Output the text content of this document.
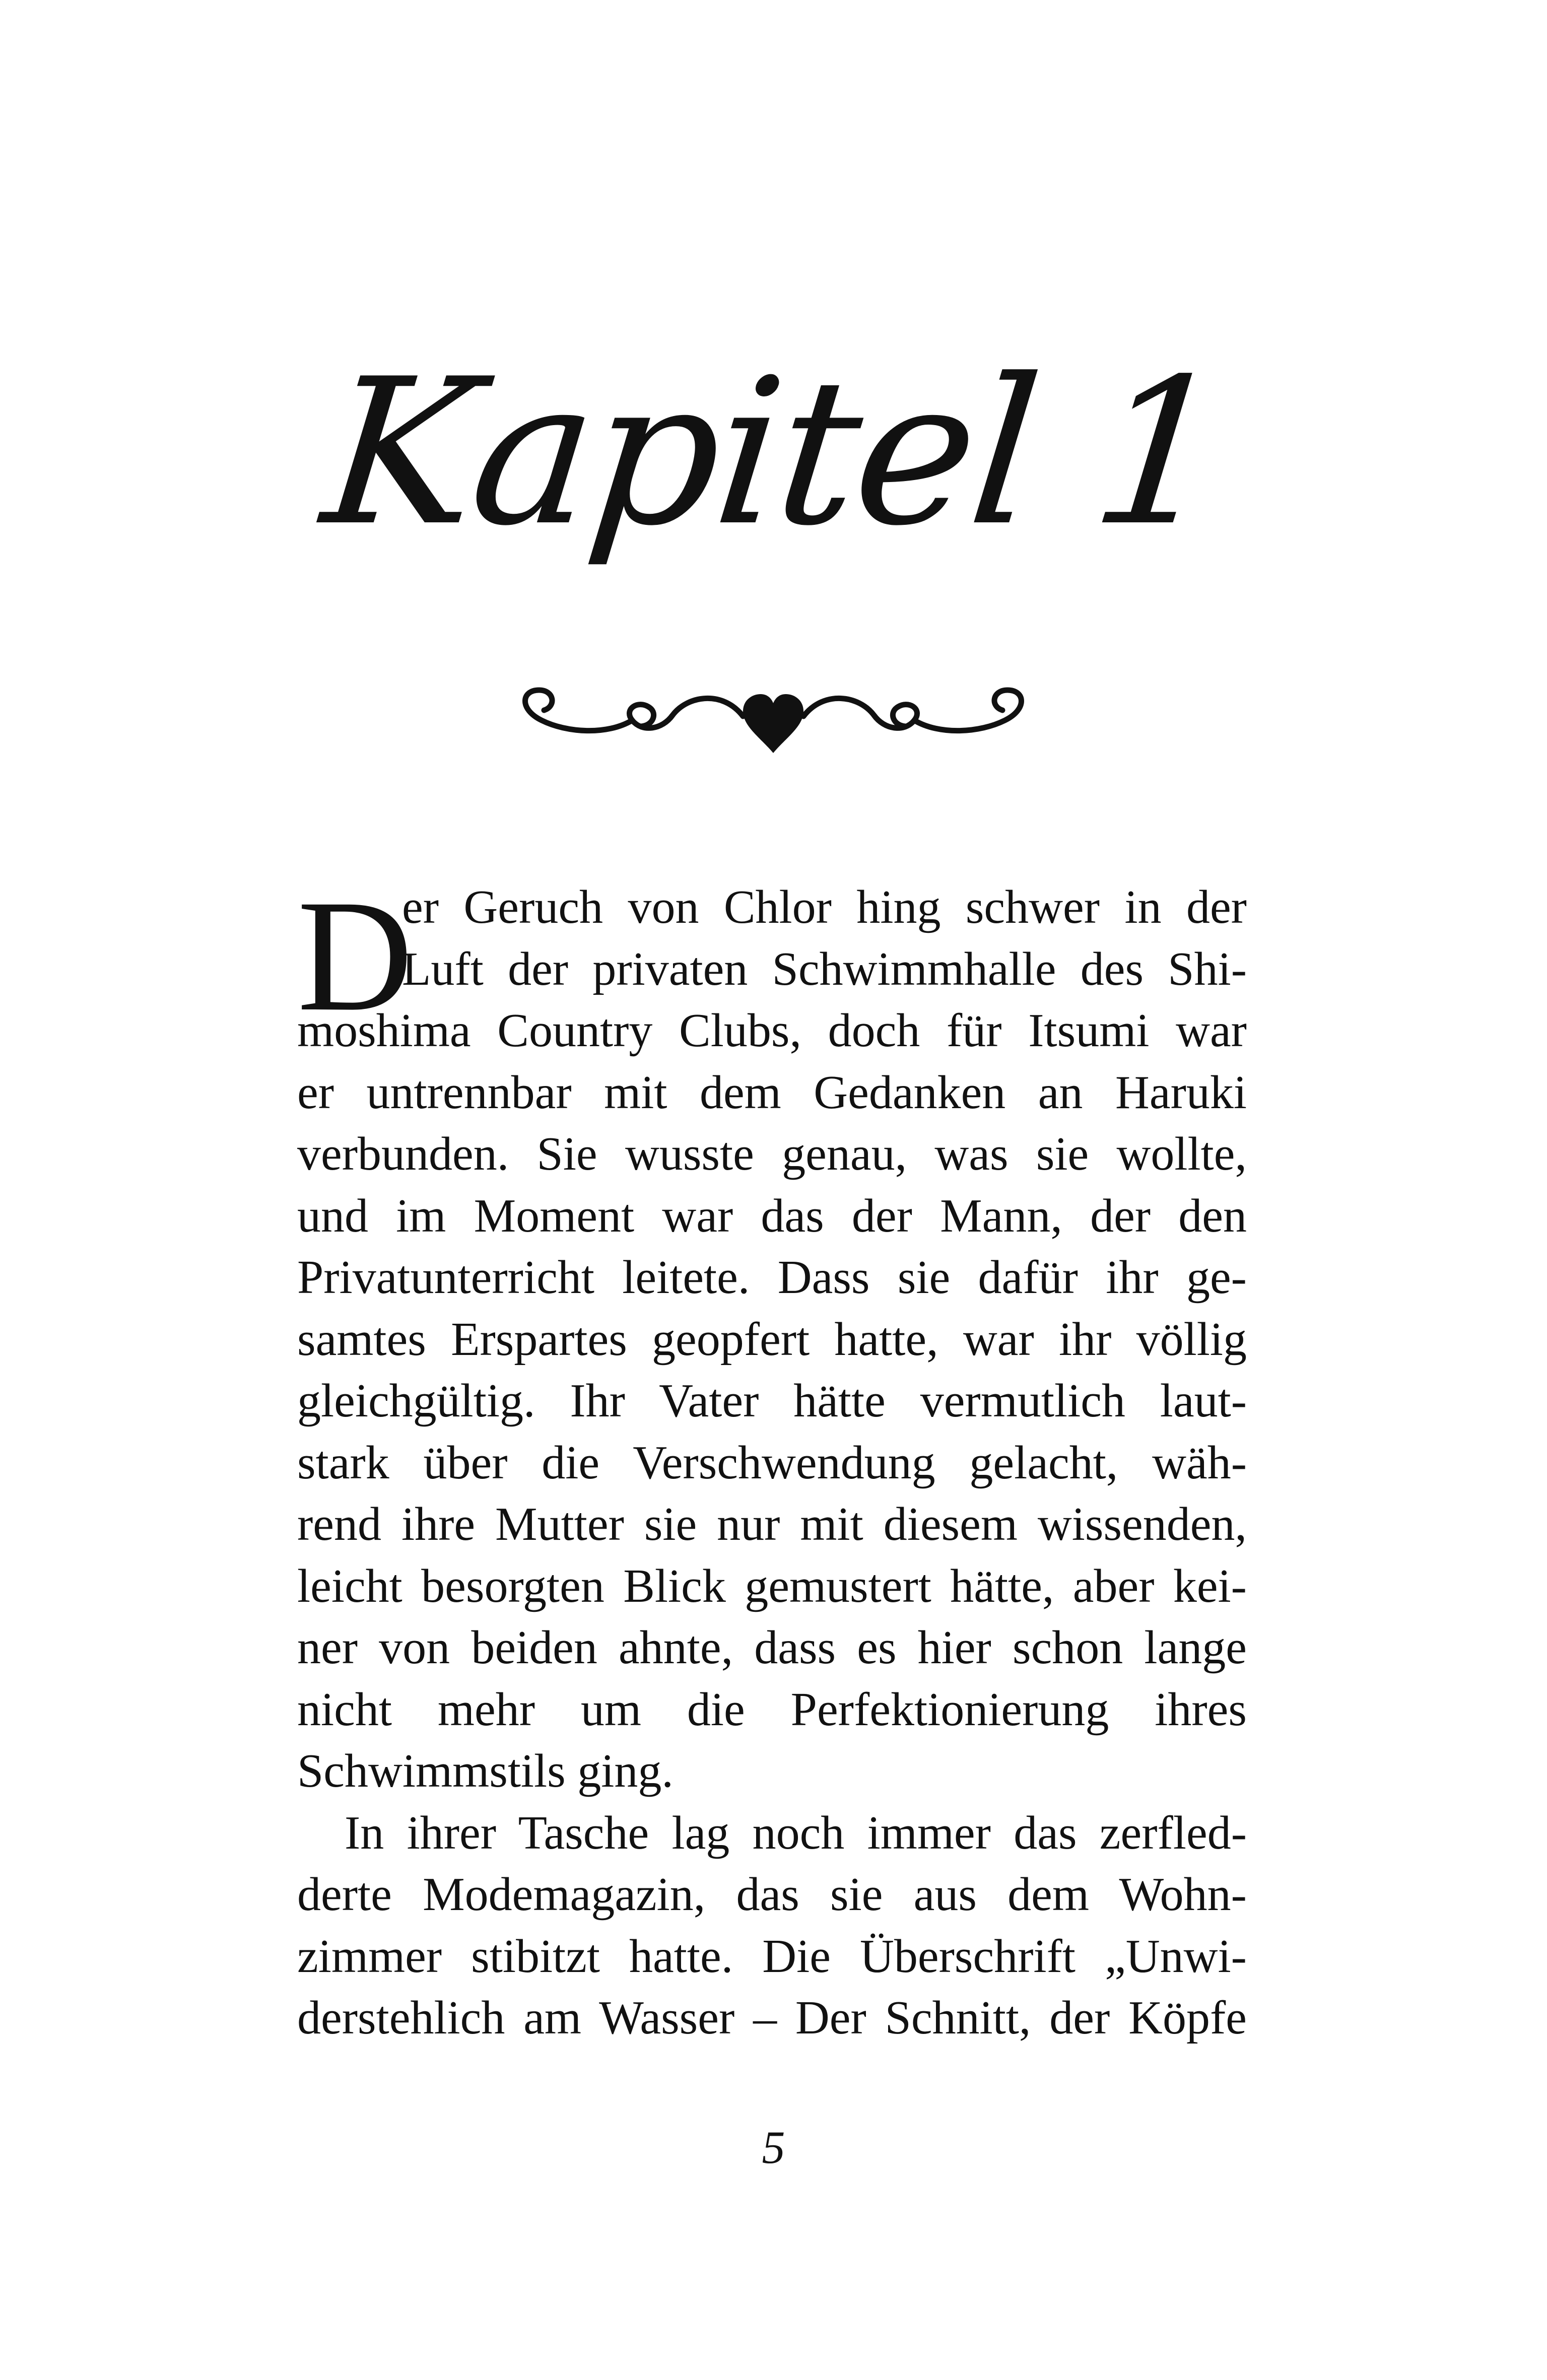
Kapitel 1
D
er Geruch von Chlor hing schwer in der
Luft der privaten Schwimmhalle des Shi-
moshima Country Clubs, doch für Itsumi war
er untrennbar mit dem Gedanken an Haruki
verbunden. Sie wusste genau, was sie wollte,
und im Moment war das der Mann, der den
Privatunterricht leitete. Dass sie dafür ihr ge-
samtes Erspartes geopfert hatte, war ihr völlig
gleichgültig. Ihr Vater hätte vermutlich laut-
stark über die Verschwendung gelacht, wäh-
rend ihre Mutter sie nur mit diesem wissenden,
leicht besorgten Blick gemustert hätte, aber kei-
ner von beiden ahnte, dass es hier schon lange
nicht mehr um die Perfektionierung ihres
Schwimmstils ging.
In ihrer Tasche lag noch immer das zerfled-
derte Modemagazin, das sie aus dem Wohn-
zimmer stibitzt hatte. Die Überschrift „Unwi-
derstehlich am Wasser – Der Schnitt, der Köpfe
5
